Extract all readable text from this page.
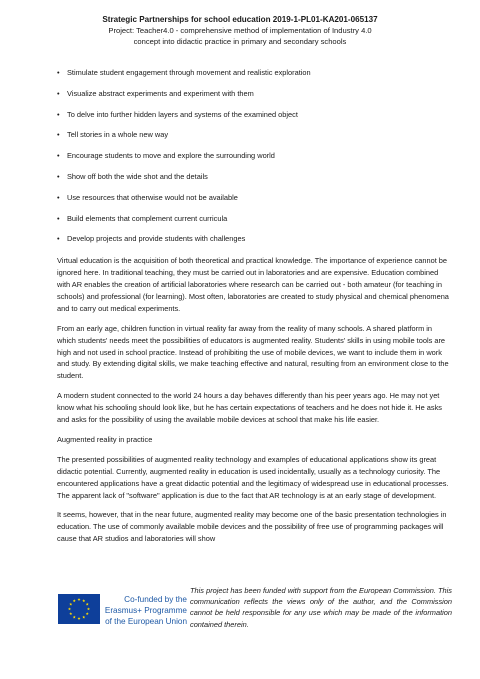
Strategic Partnerships for school education 2019-1-PL01-KA201-065137
Project: Teacher4.0 - comprehensive method of implementation of Industry 4.0
concept into didactic practice in primary and secondary schools
• Stimulate student engagement through movement and realistic exploration
• Visualize abstract experiments and experiment with them
• To delve into further hidden layers and systems of the examined object
• Tell stories in a whole new way
• Encourage students to move and explore the surrounding world
• Show off both the wide shot and the details
• Use resources that otherwise would not be available
• Build elements that complement current curricula
• Develop projects and provide students with challenges

Virtual education is the acquisition of both theoretical and practical knowledge. The importance of experience cannot be ignored here. In traditional teaching, they must be carried out in laboratories and are expensive. Education combined with AR enables the creation of artificial laboratories where research can be carried out - both amateur (for teaching in schools) and professional (for learning). Most often, laboratories are created to study physical and chemical phenomena and to carry out medical experiments.

From an early age, children function in virtual reality far away from the reality of many schools. A shared platform in which students' needs meet the possibilities of educators is augmented reality. Students' skills in using mobile tools are high and not used in school practice. Instead of prohibiting the use of mobile devices, we want to include them in work and study. By extending digital skills, we make teaching effective and natural, resulting from an environment close to the student.

A modern student connected to the world 24 hours a day behaves differently than his peer years ago. He may not yet know what his schooling should look like, but he has certain expectations of teachers and he does not hide it. He asks and asks for the possibility of using the available mobile devices at school that make his life easier.

Augmented reality in practice

The presented possibilities of augmented reality technology and examples of educational applications show its great didactic potential. Currently, augmented reality in education is used incidentally, usually as a technology curiosity. The encountered applications have a great didactic potential and the legitimacy of widespread use in educational processes. The apparent lack of "software" application is due to the fact that AR technology is at an early stage of development.

It seems, however, that in the near future, augmented reality may become one of the basic presentation technologies in education. The use of commonly available mobile devices and the possibility of free use of programming packages will cause that AR studios and laboratories will show

Co-funded by the
Erasmus+ Programme
of the European Union
This project has been funded with support from the European Commission. This communication reflects the views only of the author, and the Commission cannot be held responsible for any use which may be made of the information contained therein.
